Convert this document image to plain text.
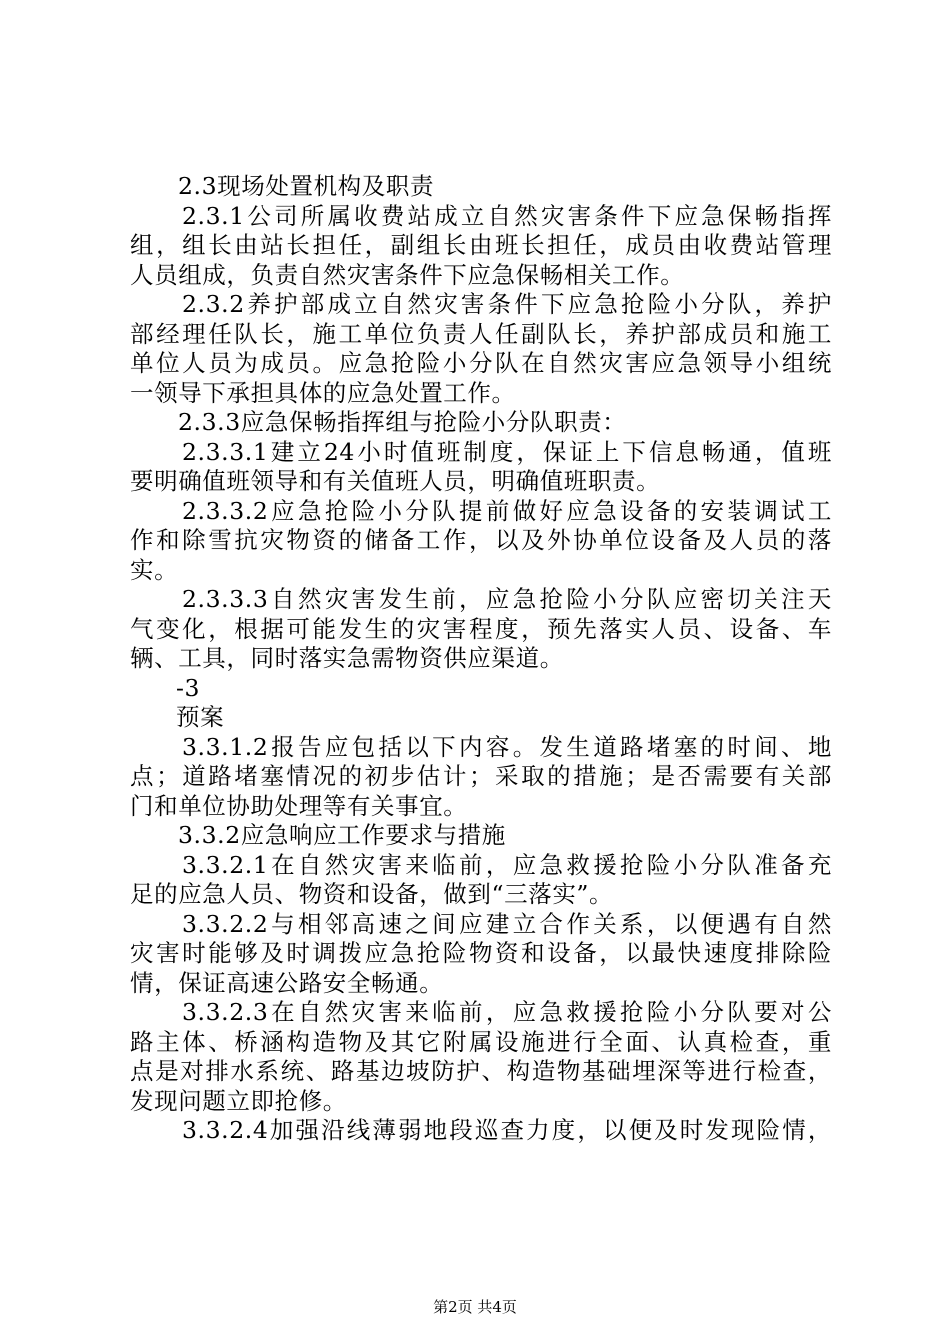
2.3现场处置机构及职责
2.3.1公司所属收费站成立自然灾害条件下应急保畅指挥
组，组长由站长担任，副组长由班长担任，成员由收费站管理
人员组成，负责自然灾害条件下应急保畅相关工作。
2.3.2养护部成立自然灾害条件下应急抢险小分队，养护
部经理任队长，施工单位负责人任副队长，养护部成员和施工
单位人员为成员。应急抢险小分队在自然灾害应急领导小组统
一领导下承担具体的应急处置工作。
2.3.3应急保畅指挥组与抢险小分队职责：
2.3.3.1建立24小时值班制度，保证上下信息畅通，值班
要明确值班领导和有关值班人员，明确值班职责。
2.3.3.2应急抢险小分队提前做好应急设备的安装调试工
作和除雪抗灾物资的储备工作，以及外协单位设备及人员的落
实。
2.3.3.3自然灾害发生前，应急抢险小分队应密切关注天
气变化，根据可能发生的灾害程度，预先落实人员、设备、车
辆、工具，同时落实急需物资供应渠道。
-3
预案
3.3.1.2报告应包括以下内容。发生道路堵塞的时间、地
点；道路堵塞情况的初步估计；采取的措施；是否需要有关部
门和单位协助处理等有关事宜。
3.3.2应急响应工作要求与措施
3.3.2.1在自然灾害来临前，应急救援抢险小分队准备充
足的应急人员、物资和设备，做到“三落实”。
3.3.2.2与相邻高速之间应建立合作关系，以便遇有自然
灾害时能够及时调拨应急抢险物资和设备，以最快速度排除险
情，保证高速公路安全畅通。
3.3.2.3在自然灾害来临前，应急救援抢险小分队要对公
路主体、桥涵构造物及其它附属设施进行全面、认真检查，重
点是对排水系统、路基边坡防护、构造物基础埋深等进行检查，
发现问题立即抢修。
3.3.2.4加强沿线薄弱地段巡查力度，以便及时发现险情，
第2页 共4页
